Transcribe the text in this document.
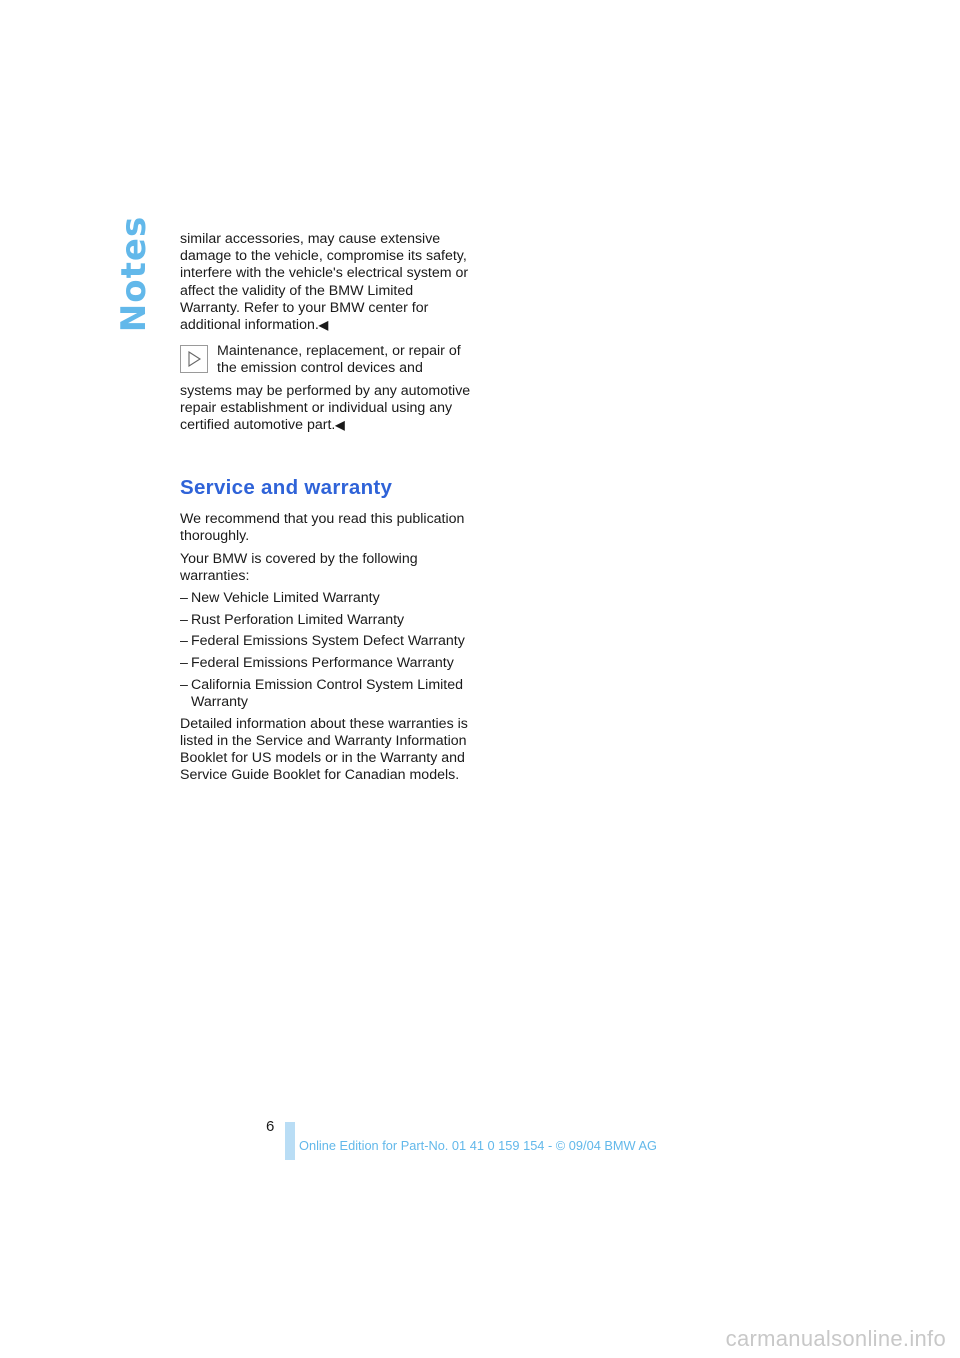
Notes similar accessories, may cause extensive damage to the vehicle, compromise its safety, interfere with the vehicle's electrical system or affect the validity of the BMW Limited Warranty. Refer to your BMW center for additional information.◀

Maintenance, replacement, or repair of the emission control devices and

systems may be performed by any automotive repair establishment or individual using any certified automotive part.◀

Service and warranty

We recommend that you read this publication thoroughly.

Your BMW is covered by the following warranties:

– New Vehicle Limited Warranty
– Rust Perforation Limited Warranty
– Federal Emissions System Defect Warranty
– Federal Emissions Performance Warranty
– California Emission Control System Limited Warranty

Detailed information about these warranties is listed in the Service and Warranty Information Booklet for US models or in the Warranty and Service Guide Booklet for Canadian models.

6
Online Edition for Part-No. 01 41 0 159 154 - © 09/04 BMW AG
carmanualsonline.info
